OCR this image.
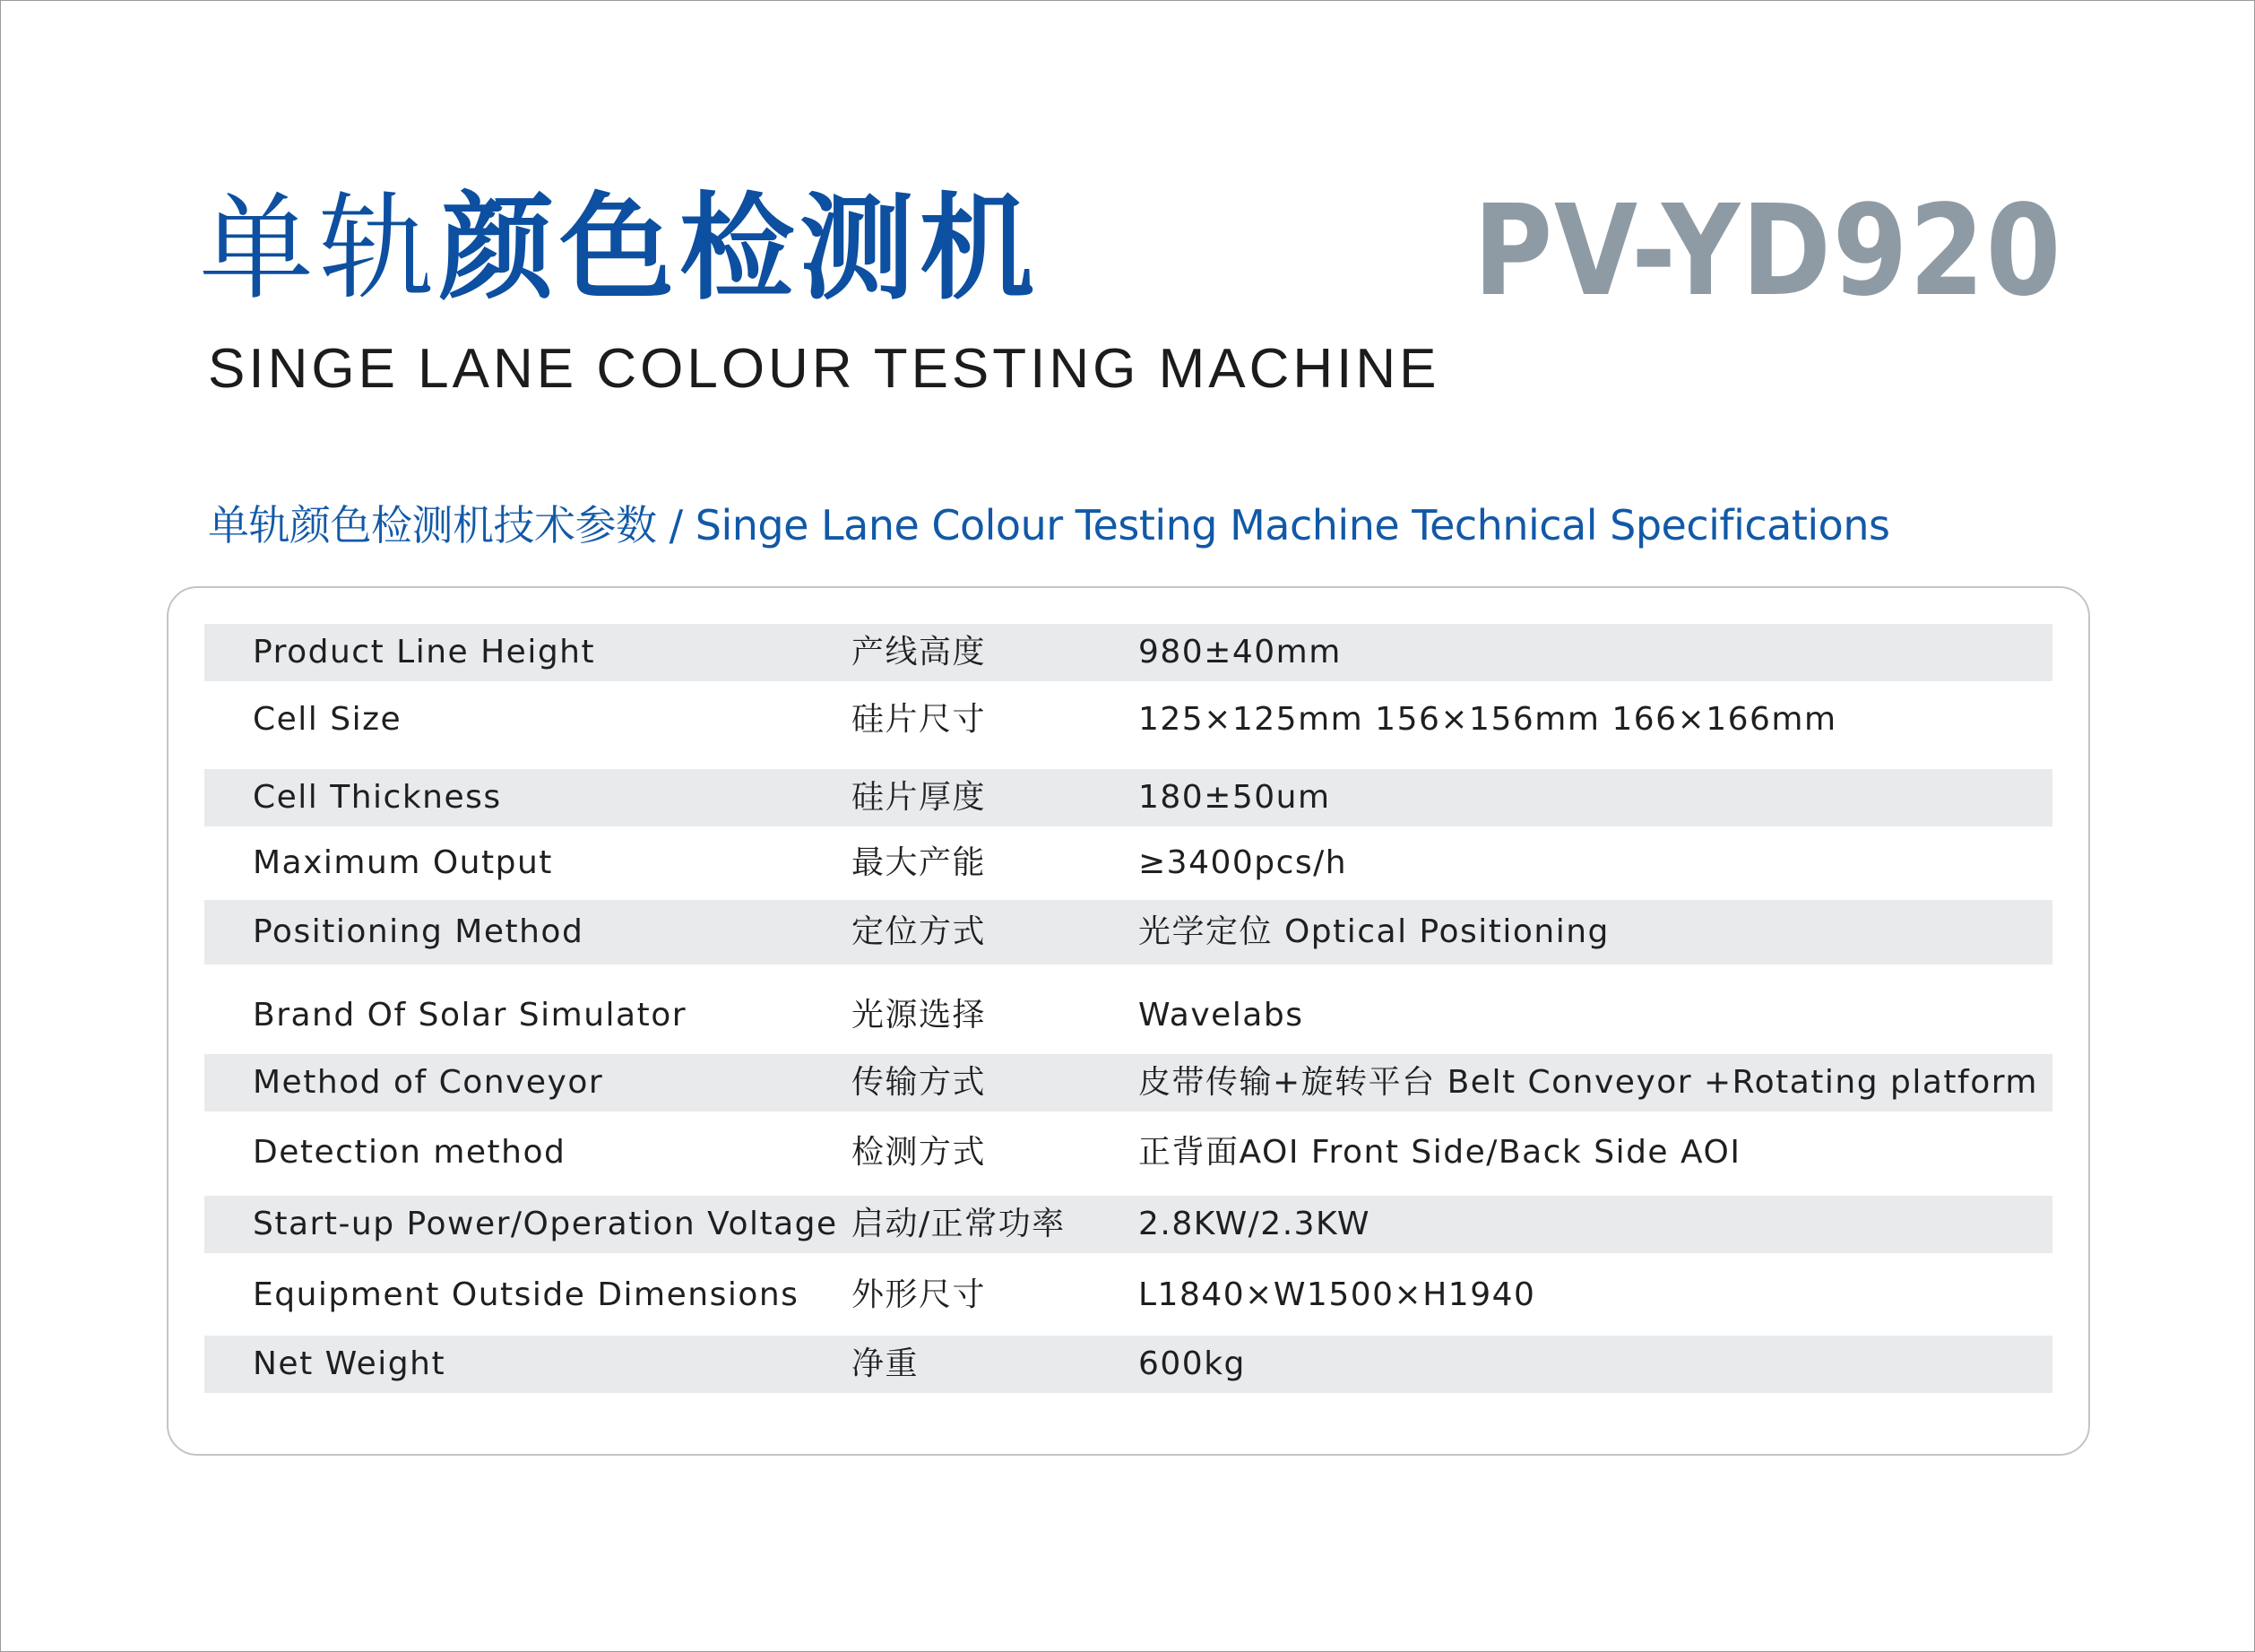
单轨颜色检测机	PV-YD920
SINGE LANE COLOUR TESTING MACHINE
单轨颜色检测机技术参数 / Singe Lane Colour Testing Machine Technical Specifications
Product Line Height	产线高度	980±40mm
Cell Size	硅片尺寸	125×125mm 156×156mm 166×166mm
Cell Thickness	硅片厚度	180±50um
Maximum Output	最大产能	≥3400pcs/h
Positioning Method	定位方式	光学定位 Optical Positioning
Brand Of Solar Simulator	光源选择	Wavelabs
Method of Conveyor	传输方式	皮带传输+旋转平台 Belt Conveyor +Rotating platform
Detection method	检测方式	正背面AOI Front Side/Back Side AOI
Start-up Power/Operation Voltage 启动/正常功率 2.8KW/2.3KW
Equipment Outside Dimensions 外形尺寸	L1840×W1500×H1940
Net Weight	净重	600kg
